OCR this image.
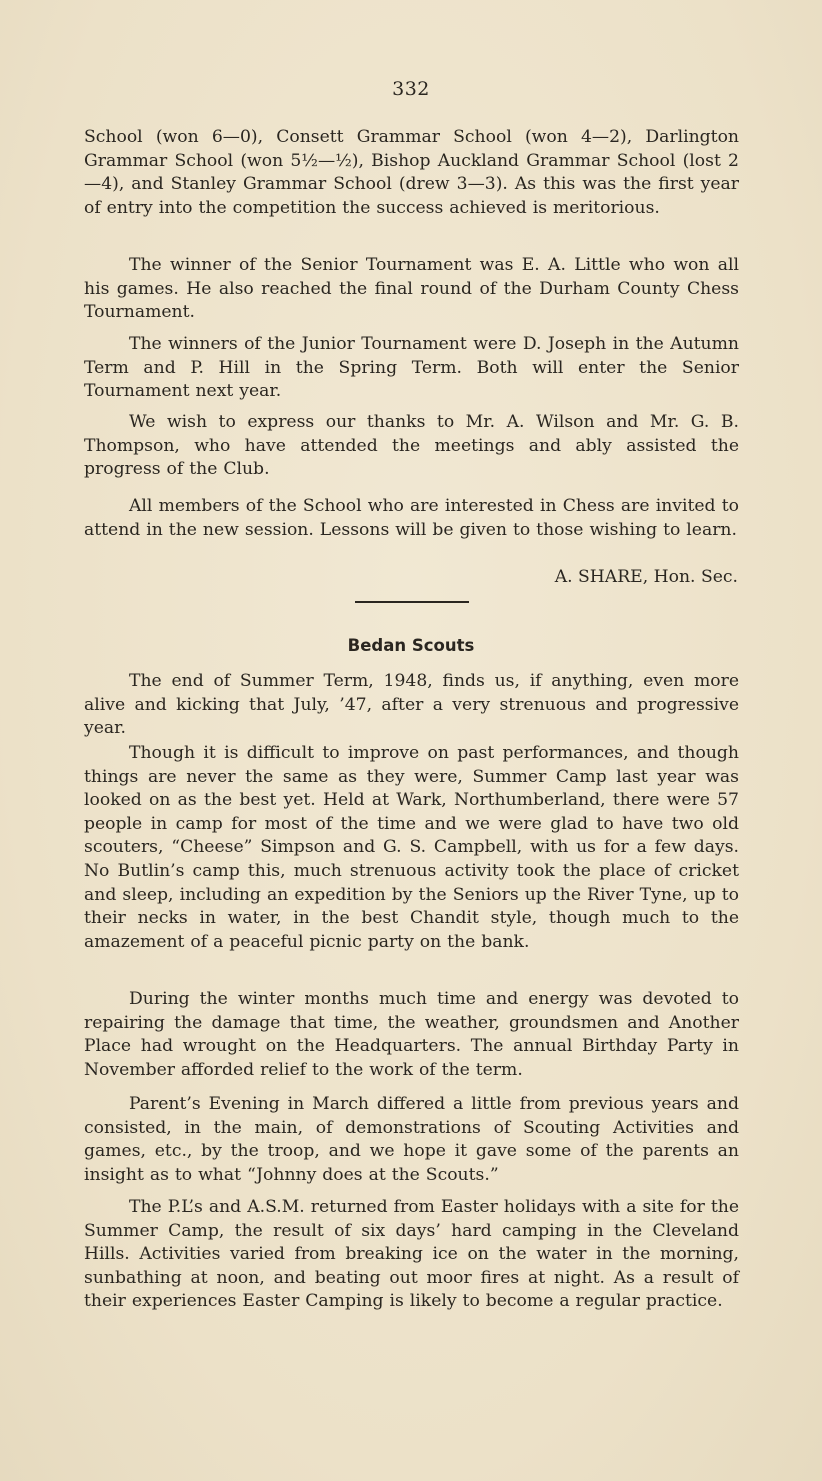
332

School (won 6—0), Consett Grammar School (won 4—2), Darlington Grammar School (won 5½—½), Bishop Auckland Grammar School (lost 2—4), and Stanley Grammar School (drew 3—3). As this was the first year of entry into the competition the success achieved is meritorious.

The winner of the Senior Tournament was E. A. Little who won all his games. He also reached the final round of the Durham County Chess Tournament.

The winners of the Junior Tournament were D. Joseph in the Autumn Term and P. Hill in the Spring Term. Both will enter the Senior Tournament next year.

We wish to express our thanks to Mr. A. Wilson and Mr. G. B. Thompson, who have attended the meetings and ably assisted the progress of the Club.

All members of the School who are interested in Chess are invited to attend in the new session. Lessons will be given to those wishing to learn.

A. SHARE, Hon. Sec.
Bedan Scouts

The end of Summer Term, 1948, finds us, if anything, even more alive and kicking that July, ’47, after a very strenuous and progressive year.

Though it is difficult to improve on past performances, and though things are never the same as they were, Summer Camp last year was looked on as the best yet. Held at Wark, Northumberland, there were 57 people in camp for most of the time and we were glad to have two old scouters, “Cheese” Simpson and G. S. Campbell, with us for a few days. No Butlin’s camp this, much strenuous activity took the place of cricket and sleep, including an expedition by the Seniors up the River Tyne, up to their necks in water, in the best Chandit style, though much to the amazement of a peaceful picnic party on the bank.

During the winter months much time and energy was devoted to repairing the damage that time, the weather, groundsmen and Another Place had wrought on the Headquarters. The annual Birthday Party in November afforded relief to the work of the term.

Parent’s Evening in March differed a little from previous years and consisted, in the main, of demonstrations of Scouting Activities and games, etc., by the troop, and we hope it gave some of the parents an insight as to what “Johnny does at the Scouts.”

The P.L’s and A.S.M. returned from Easter holidays with a site for the Summer Camp, the result of six days’ hard camping in the Cleveland Hills. Activities varied from breaking ice on the water in the morning, sunbathing at noon, and beating out moor fires at night. As a result of their experiences Easter Camping is likely to become a regular practice.
